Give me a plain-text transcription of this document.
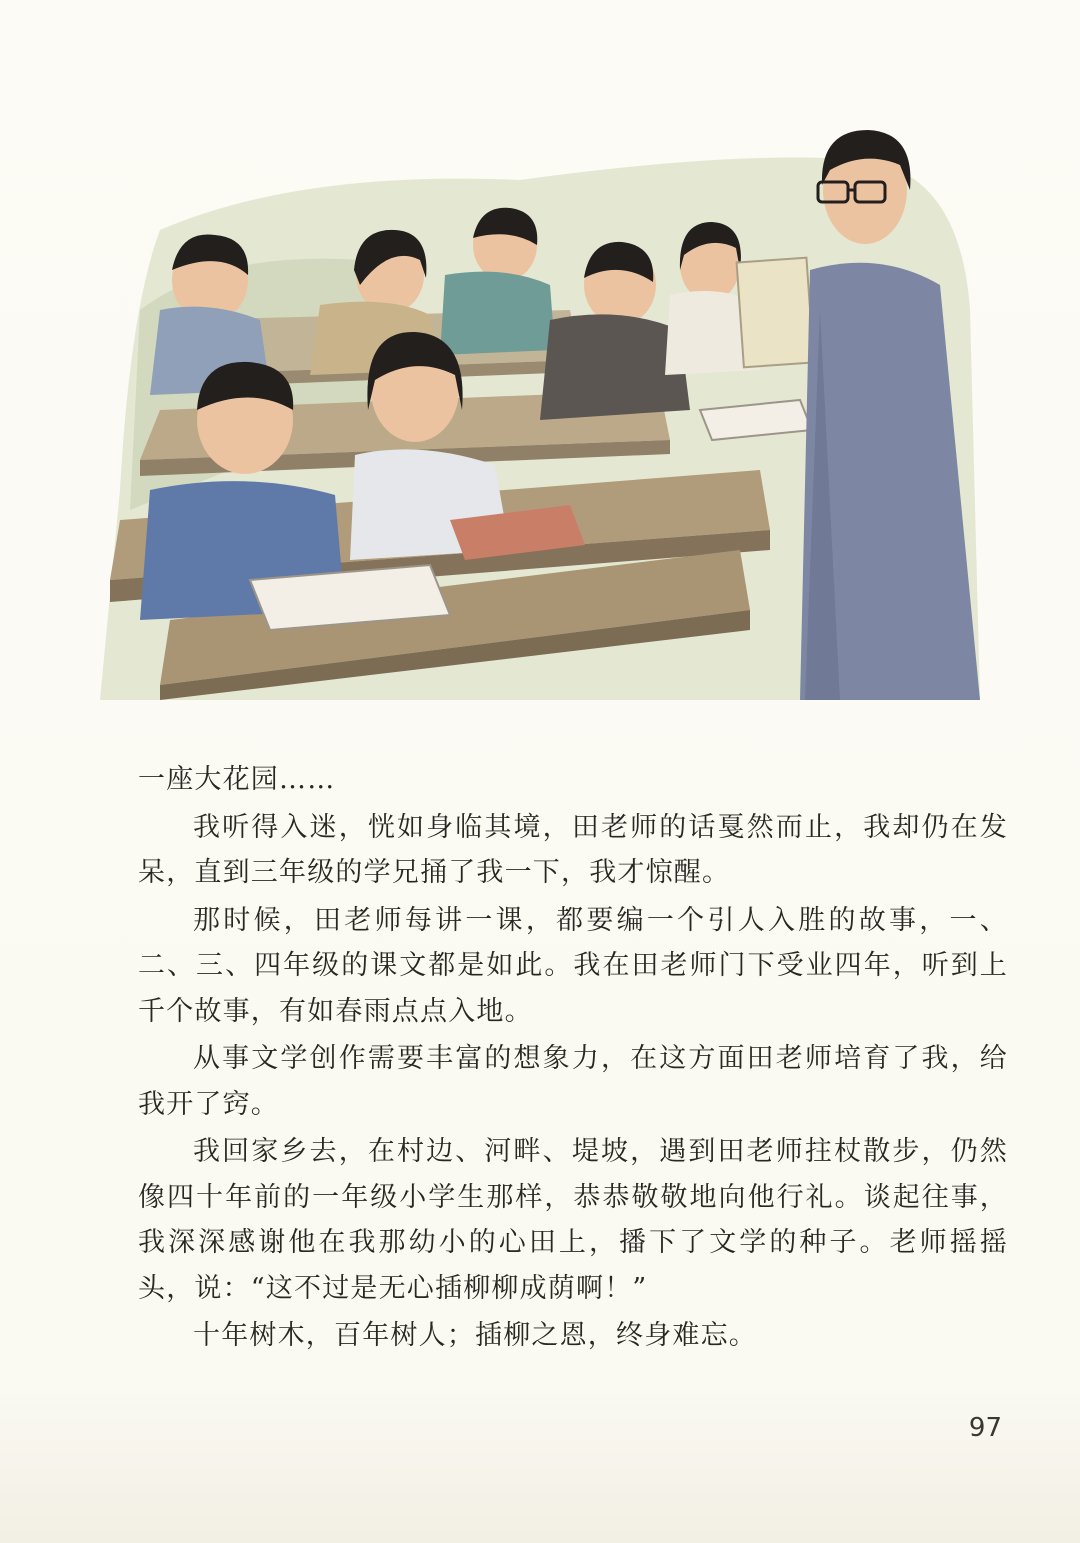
一座大花园……

我听得入迷，恍如身临其境，田老师的话戛然而止，我却仍在发呆，直到三年级的学兄捅了我一下，我才惊醒。

那时候，田老师每讲一课，都要编一个引人入胜的故事，一、二、三、四年级的课文都是如此。我在田老师门下受业四年，听到上千个故事，有如春雨点点入地。

从事文学创作需要丰富的想象力，在这方面田老师培育了我，给我开了窍。

我回家乡去，在村边、河畔、堤坡，遇到田老师拄杖散步，仍然像四十年前的一年级小学生那样，恭恭敬敬地向他行礼。谈起往事，我深深感谢他在我那幼小的心田上，播下了文学的种子。老师摇摇头，说：“这不过是无心插柳柳成荫啊！”

十年树木，百年树人；插柳之恩，终身难忘。

97
